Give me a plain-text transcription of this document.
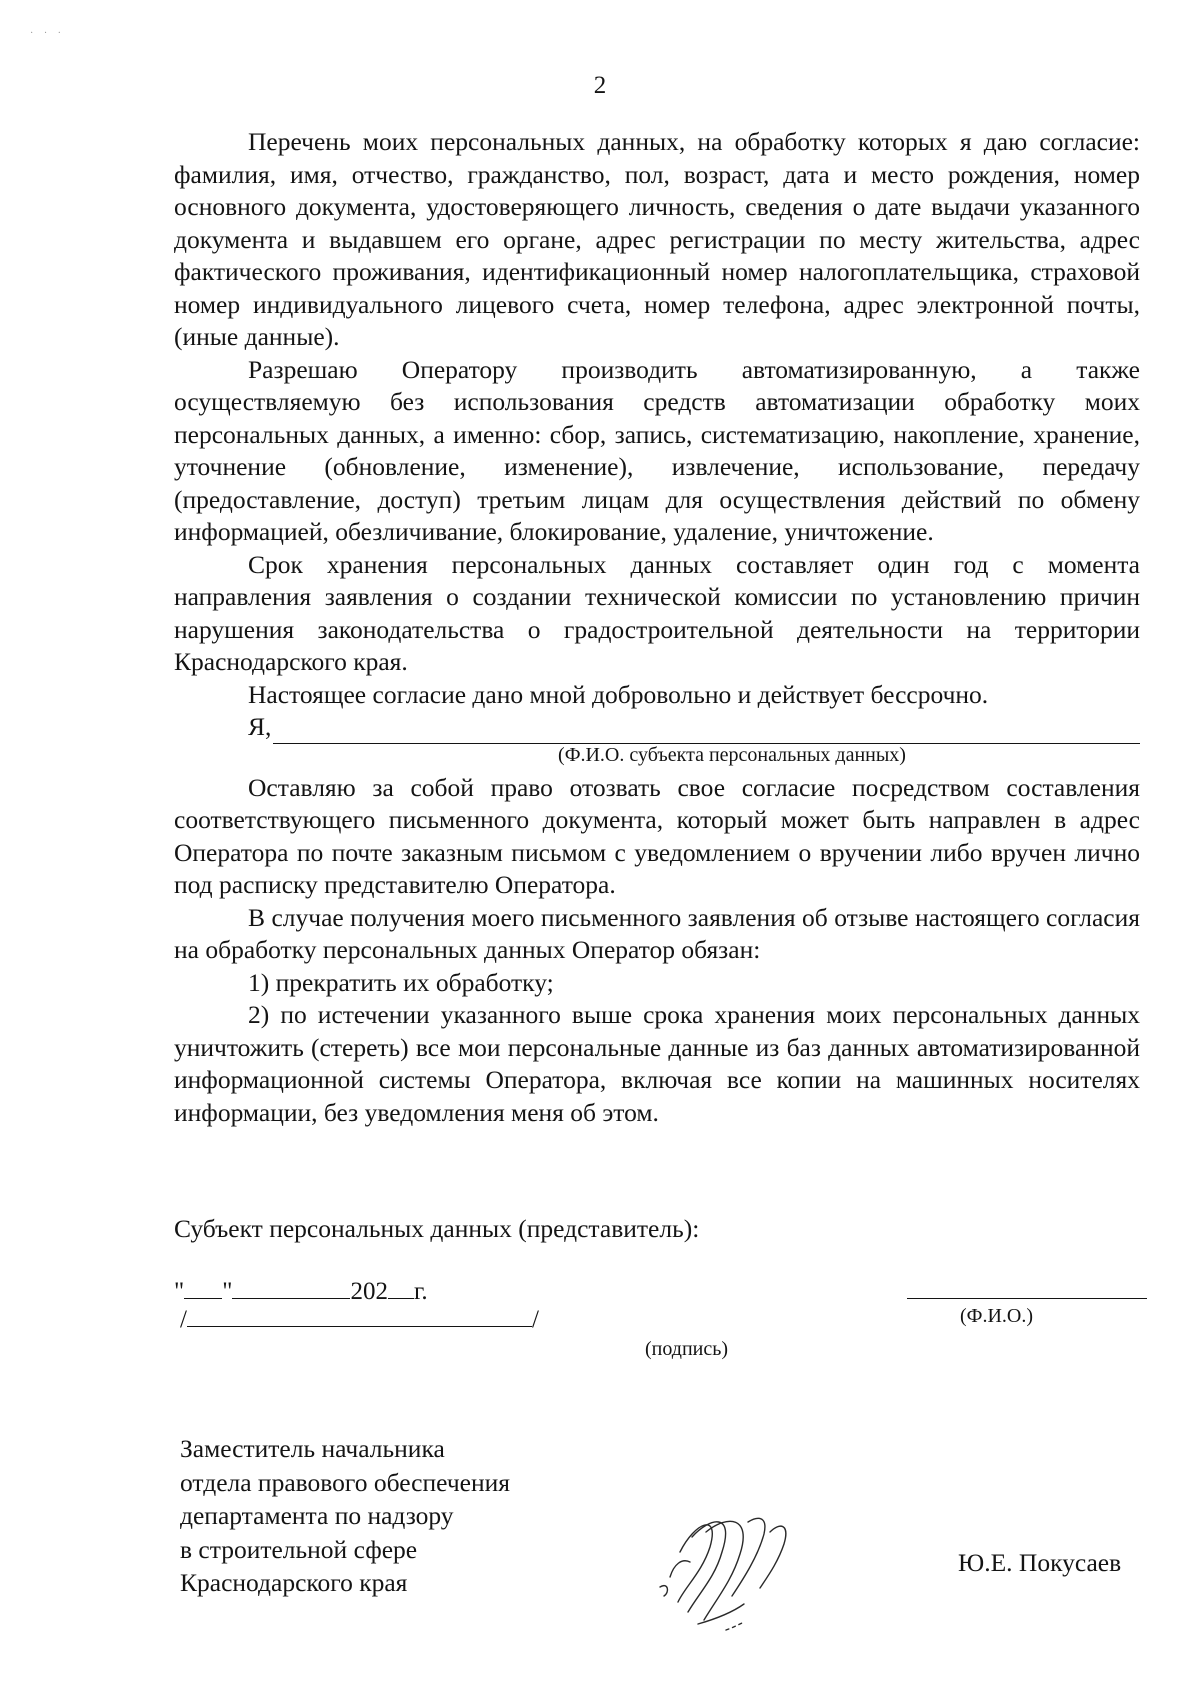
· · ·
2

Перечень моих персональных данных, на обработку которых я даю согласие: фамилия, имя, отчество, гражданство, пол, возраст, дата и место рождения, номер основного документа, удостоверяющего личность, сведения о дате выдачи указанного документа и выдавшем его органе, адрес регистрации по месту жительства, адрес фактического проживания, идентификационный номер налогоплательщика, страховой номер индивидуального лицевого счета, номер телефона, адрес электронной почты, (иные данные).

Разрешаю Оператору производить автоматизированную, а также осуществляемую без использования средств автоматизации обработку моих персональных данных, а именно: сбор, запись, систематизацию, накопление, хранение, уточнение (обновление, изменение), извлечение, использование, передачу (предоставление, доступ) третьим лицам для осуществления действий по обмену информацией, обезличивание, блокирование, удаление, уничтожение.

Срок хранения персональных данных составляет один год с момента направления заявления о создании технической комиссии по установлению причин нарушения законодательства о градостроительной деятельности на территории Краснодарского края.

Настоящее согласие дано мной добровольно и действует бессрочно.

Я,
(Ф.И.О. субъекта персональных данных)

Оставляю за собой право отозвать свое согласие посредством составления соответствующего письменного документа, который может быть направлен в адрес Оператора по почте заказным письмом с уведомлением о вручении либо вручен лично под расписку представителю Оператора.

В случае получения моего письменного заявления об отзыве настоящего согласия на обработку персональных данных Оператор обязан:

1) прекратить их обработку;

2) по истечении указанного выше срока хранения моих персональных данных уничтожить (стереть) все мои персональные данные из баз данных автоматизированной информационной системы Оператора, включая все копии на машинных носителях информации, без уведомления меня об этом.

Субъект персональных данных (представитель):
" "	202 г.
/	/
(подпись)
(Ф.И.О.)
Заместитель начальника
отдела правового обеспечения
департамента по надзору
в строительной сфере
Краснодарского края
Ю.Е. Покусаев
